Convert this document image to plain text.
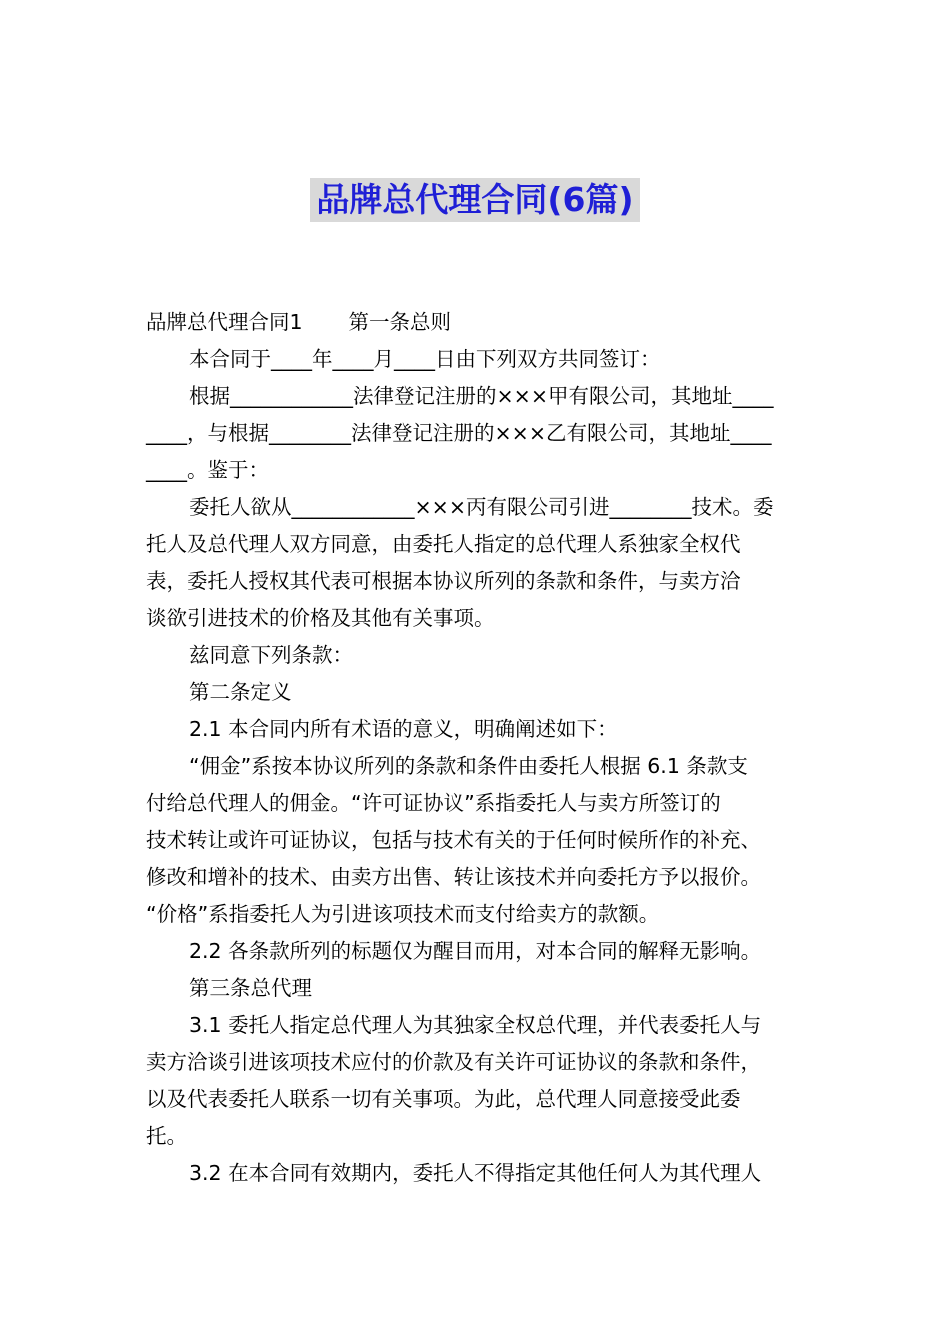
品牌总代理合同(6篇)

品牌总代理合同1 第一条总则

本合同于____年____月____日由下列双方共同签订：

根据____________法律登记注册的×××甲有限公司，其地址____

____，与根据________法律登记注册的×××乙有限公司，其地址____

____。鉴于：

委托人欲从____________×××丙有限公司引进________技术。委

托人及总代理人双方同意，由委托人指定的总代理人系独家全权代

表，委托人授权其代表可根据本协议所列的条款和条件，与卖方洽

谈欲引进技术的价格及其他有关事项。

兹同意下列条款：

第二条定义

2.1 本合同内所有术语的意义，明确阐述如下：

“佣金”系按本协议所列的条款和条件由委托人根据 6.1 条款支

付给总代理人的佣金。“许可证协议”系指委托人与卖方所签订的

技术转让或许可证协议，包括与技术有关的于任何时候所作的补充、

修改和增补的技术、由卖方出售、转让该技术并向委托方予以报价。

“价格”系指委托人为引进该项技术而支付给卖方的款额。

2.2 各条款所列的标题仅为醒目而用，对本合同的解释无影响。

第三条总代理

3.1 委托人指定总代理人为其独家全权总代理，并代表委托人与

卖方洽谈引进该项技术应付的价款及有关许可证协议的条款和条件，

以及代表委托人联系一切有关事项。为此，总代理人同意接受此委

托。

3.2 在本合同有效期内，委托人不得指定其他任何人为其代理人
